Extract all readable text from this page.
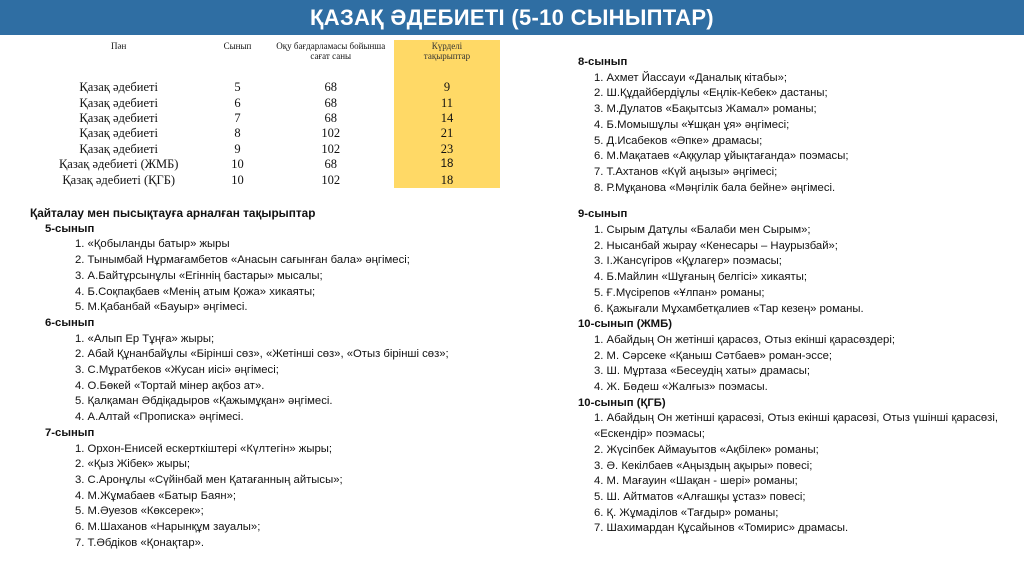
ҚАЗАҚ ӘДЕБИЕТІ (5-10 СЫНЫПТАР)
Пән	Сынып	Оқу бағдарламасы бойынша
сағат саны	Күрделі
тақырыптар
Қазақ әдебиеті	5	68	9
Қазақ әдебиеті	6	68	11
Қазақ әдебиеті	7	68	14
Қазақ әдебиеті	8	102	21
Қазақ әдебиеті	9	102	23
Қазақ әдебиеті (ЖМБ)	10	68	18
Қазақ әдебиеті (ҚГБ)	10	102	18
Қайталау мен пысықтауға арналған тақырыптар
5-сынып
1. «Қобыланды батыр» жыры
2. Тынымбай Нұрмағамбетов «Анасын сағынған бала» әңгімесі;
3. А.Байтұрсынұлы «Егіннің бастары» мысалы;
4. Б.Соқпақбаев «Менің атым Қожа» хикаяты;
5. М.Қабанбай «Бауыр» әңгімесі.
6-сынып
1. «Алып Ер Тұңға» жыры;
2. Абай Құнанбайұлы «Бірінші сөз», «Жетінші сөз», «Отыз бірінші сөз»;
3. С.Мұратбеков «Жусан иісі» әңгімесі;
4. О.Бөкей «Тортай мінер ақбоз ат».
5. Қалқаман Әбдіқадыров «Қажымұқан» әңгімесі.
4. А.Алтай «Прописка» әңгімесі.
7-сынып
1. Орхон-Енисей ескерткіштері «Күлтегін» жыры;
2. «Қыз Жібек» жыры;
3. С.Аронұлы «Сүйінбай мен Қатағанның айтысы»;
4. М.Жұмабаев «Батыр Баян»;
5. М.Әуезов «Көксерек»;
6. М.Шаханов «Нарынқұм зауалы»;
7. Т.Әбдіков «Қонақтар».
8-сынып
1. Ахмет Йассауи «Даналық кітабы»;
2. Ш.Құдайбердіұлы «Еңлік-Кебек» дастаны;
3. М.Дулатов «Бақытсыз Жамал» романы;
4. Б.Момышұлы «Ұшқан ұя» әңгімесі;
5. Д.Исабеков «Әпке» драмасы;
6. М.Мақатаев «Аққулар ұйықтағанда» поэмасы;
7. Т.Ахтанов «Күй аңызы» әңгімесі;
8. Р.Мұқанова «Мәңгілік бала бейне» әңгімесі.
9-сынып
1. Сырым Датұлы «Балаби мен Сырым»;
2. Нысанбай жырау «Кенесары – Наурызбай»;
3. І.Жансүгіров «Құлагер» поэмасы;
4. Б.Майлин «Шұғаның белгісі» хикаяты;
5. Ғ.Мүсірепов «Ұлпан» романы;
6. Қажығали Мұхамбетқалиев «Тар кезең» романы.
10-сынып (ЖМБ)
1. Абайдың Он жетінші қарасөз, Отыз екінші қарасөздері;
2. М. Сәрсеке «Қаныш Сәтбаев» роман-эссе;
3. Ш. Мұртаза «Бесеудің хаты» драмасы;
4. Ж. Бөдеш «Жалғыз» поэмасы.
10-сынып (ҚГБ)
1. Абайдың Он жетінші қарасөзі, Отыз екінші қарасөзі, Отыз үшінші қарасөзі, «Ескендір» поэмасы;
2. Жүсіпбек Аймауытов «Ақбілек» романы;
3. Ә. Кекілбаев «Аңыздың ақыры» повесі;
4. М. Мағауин «Шақан - шері» романы;
5. Ш. Айтматов «Алғашқы ұстаз» повесі;
6. Қ. Жұмаділов «Тағдыр» романы;
7. Шахимардан Құсайынов «Томирис» драмасы.
